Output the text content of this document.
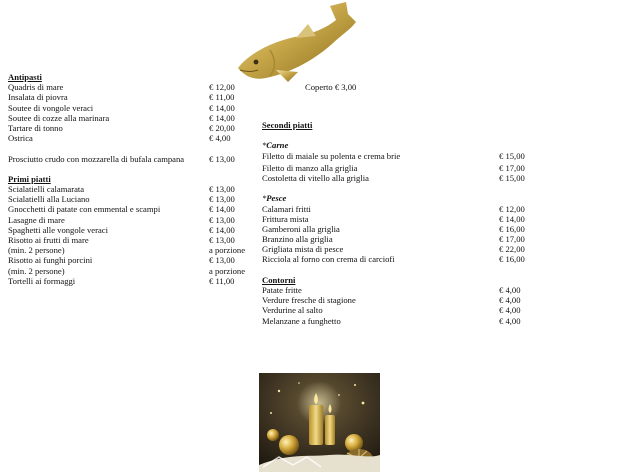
Coperto € 3,00
Antipasti
Quadris di mare	€ 12,00
Insalata di piovra	€ 11,00
Soutee di vongole veraci	€ 14,00
Soutee di cozze alla marinara	€ 14,00
Tartare di tonno	€ 20,00
Ostrica	€ 4,00
Prosciutto crudo con mozzarella di bufala campana	€ 13,00
Primi piatti
Scialatielli calamarata	€ 13,00
Scialatielli alla Luciano	€ 13,00
Gnocchetti di patate con emmental e scampi	€ 14,00
Lasagne di mare	€ 13,00
Spaghetti alle vongole veraci	€ 14,00
Risotto ai frutti di mare	€ 13,00
(min. 2 persone)	a porzione
Risotto ai funghi porcini	€ 13,00
(min. 2 persone)	a porzione
Tortelli ai formaggi	€ 11,00
Secondi piatti
*Carne
Filetto di maiale su polenta e crema brie	€ 15,00
Filetto di manzo alla griglia	€ 17,00
Costoletta di vitello alla griglia	€ 15,00
*Pesce
Calamari fritti	€ 12,00
Frittura mista	€ 14,00
Gamberoni alla griglia	€ 16,00
Branzino alla griglia	€ 17,00
Grigliata mista di pesce	€ 22,00
Ricciola al forno con crema di carciofi	€ 16,00
Contorni
Patate fritte	€ 4,00
Verdure fresche di stagione	€ 4,00
Verdurine al salto	€ 4,00
Melanzane a funghetto	€ 4,00
